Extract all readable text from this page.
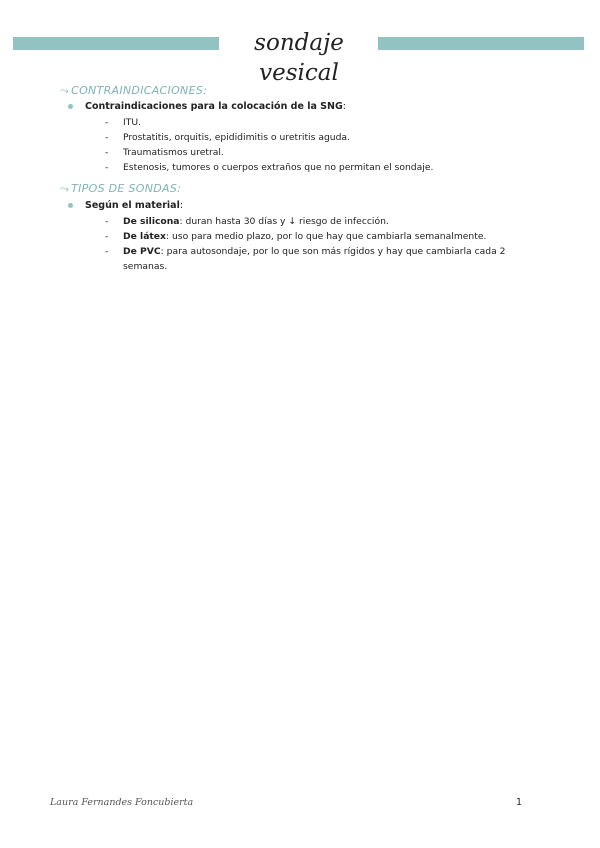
sondaje vesical
⤳ CONTRAINDICACIONES:
Contraindicaciones para la colocación de la SNG:
- ITU.
- Prostatitis, orquitis, epididimitis o uretritis aguda.
- Traumatismos uretral.
- Estenosis, tumores o cuerpos extraños que no permitan el sondaje.
⤳ TIPOS DE SONDAS:
Según el material:
- De silicona: duran hasta 30 días y ↓ riesgo de infección.
- De látex: uso para medio plazo, por lo que hay que cambiarla semanalmente.
- De PVC: para autosondaje, por lo que son más rígidos y hay que cambiarla cada 2 semanas.
Laura Fernandes Foncubierta	1
